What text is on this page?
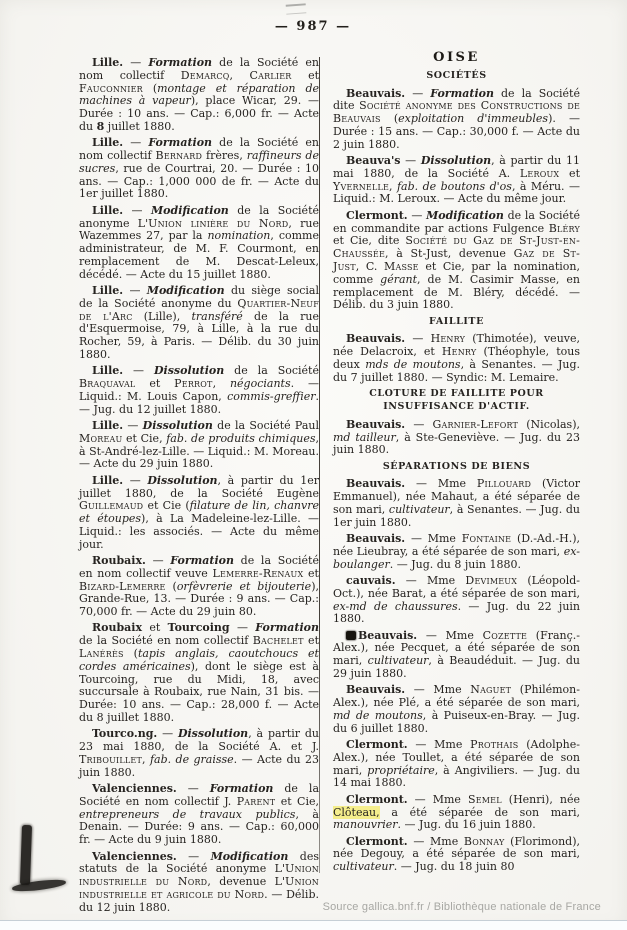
— 987 —

Lille. — Formation de la Société en nom collectif Demarcq, Carlier et Fauconnier (montage et réparation de machines à vapeur), place Wicar, 29. — Durée : 10 ans. — Cap.: 6,000 fr. — Acte du 8 juillet 1880.

Lille. — Formation de la Société en nom collectif Bernard frères, raffineurs de sucres, rue de Courtrai, 20. — Durée : 10 ans. — Cap.: 1,000 000 de fr. — Acte du 1er juillet 1880.

Lille. — Modification de la Société anonyme L'Union linière du Nord, rue Wazemmes 27, par la nomination, comme administrateur, de M. F. Courmont, en remplacement de M. Descat-Leleux, décédé. — Acte du 15 juillet 1880.

Lille. — Modification du siège social de la Société anonyme du Quartier-Neuf de l'Arc (Lille), transféré de la rue d'Esquermoise, 79, à Lille, à la rue du Rocher, 59, à Paris. — Délib. du 30 juin 1880.

Lille. — Dissolution de la Société Braquaval et Perrot, négociants. — Liquid.: M. Louis Capon, commis-greffier. — Jug. du 12 juillet 1880.

Lille. — Dissolution de la Société Paul Moreau et Cie, fab. de produits chimiques, à St-André-lez-Lille. — Liquid.: M. Moreau. — Acte du 29 juin 1880.

Lille. — Dissolution, à partir du 1er juillet 1880, de la Société Eugène Guillemaud et Cie (filature de lin, chanvre et étoupes), à La Madeleine-lez-Lille. — Liquid.: les associés. — Acte du même jour.

Roubaix. — Formation de la Société en nom collectif veuve Lemerre-Renaux et Bizard-Lemerre (orfèvrerie et bijouterie), Grande-Rue, 13. — Durée : 9 ans. — Cap.: 70,000 fr. — Acte du 29 juin 80.

Roubaix et Tourcoing — Formation de la Société en nom collectif Bachelet et Lanérès (tapis anglais, caoutchoucs et cordes américaines), dont le siège est à Tourcoing, rue du Midi, 18, avec succursale à Roubaix, rue Nain, 31 bis. — Durée: 10 ans. — Cap.: 28,000 f. — Acte du 8 juillet 1880.

Tourco.ng. — Dissolution, à partir du 23 mai 1880, de la Société A. et J. Tribouillet, fab. de graisse. — Acte du 23 juin 1880.

Valenciennes. — Formation de la Société en nom collectif J. Parent et Cie, entrepreneurs de travaux publics, à Denain. — Durée: 9 ans. — Cap.: 60,000 fr. — Acte du 9 juin 1880.

Valenciennes. — Modification des statuts de la Société anonyme L'Union industrielle du Nord, devenue L'Union industrielle et agricole du Nord. — Délib. du 12 juin 1880.

OISE

SOCIÉTÉS

Beauvais. — Formation de la Société dite Société anonyme des Constructions de Beauvais (exploitation d'immeubles). — Durée : 15 ans. — Cap.: 30,000 f. — Acte du 2 juin 1880.

Beauva's — Dissolution, à partir du 11 mai 1880, de la Société A. Leroux et Yvernelle, fab. de boutons d'os, à Méru. — Liquid.: M. Leroux. — Acte du même jour.

Clermont. — Modification de la Société en commandite par actions Fulgence Bléry et Cie, dite Société du Gaz de St-Just-en-Chaussée, à St-Just, devenue Gaz de St-Just, C. Masse et Cie, par la nomination, comme gérant, de M. Casimir Masse, en remplacement de M. Bléry, décédé. — Délib. du 3 juin 1880.

FAILLITE

Beauvais. — Henry (Thimotée), veuve, née Delacroix, et Henry (Théophyle, tous deux mds de moutons, à Senantes. — Jug. du 7 juillet 1880. — Syndic: M. Lemaire.

CLOTURE DE FAILLITE POUR INSUFFISANCE D'ACTIF.

Beauvais. — Garnier-Lefort (Nicolas), md tailleur, à Ste-Geneviève. — Jug. du 23 juin 1880.

SÉPARATIONS DE BIENS

Beauvais. — Mme Pillouard (Victor Emmanuel), née Mahaut, a été séparée de son mari, cultivateur, à Senantes. — Jug. du 1er juin 1880.

Beauvais. — Mme Fontaine (D.-Ad.-H.), née Lieubray, a été séparée de son mari, ex-boulanger. — Jug. du 8 juin 1880.

cauvais. — Mme Devimeux (Léopold-Oct.), née Barat, a été séparée de son mari, ex-md de chaussures. — Jug. du 22 juin 1880.

Beauvais. — Mme Cozette (Franç.-Alex.), née Pecquet, a été séparée de son mari, cultivateur, à Beaudéduit. — Jug. du 29 juin 1880.

Beauvais. — Mme Naguet (Philémon-Alex.), née Plé, a été séparée de son mari, md de moutons, à Puiseux-en-Bray. — Jug. du 6 juillet 1880.

Clermont. — Mme Prothais (Adolphe-Alex.), née Toullet, a été séparée de son mari, propriétaire, à Angiviliers. — Jug. du 14 mai 1880.

Clermont. — Mme Semel (Henri), née Clôteau, a été séparée de son mari, manouvrier. — Jug. du 16 juin 1880.

Clermont. — Mme Bonnay (Florimond), née Degouy, a été séparée de son mari, cultivateur. — Jug. du 18 juin 80

Source gallica.bnf.fr / Bibliothèque nationale de France
